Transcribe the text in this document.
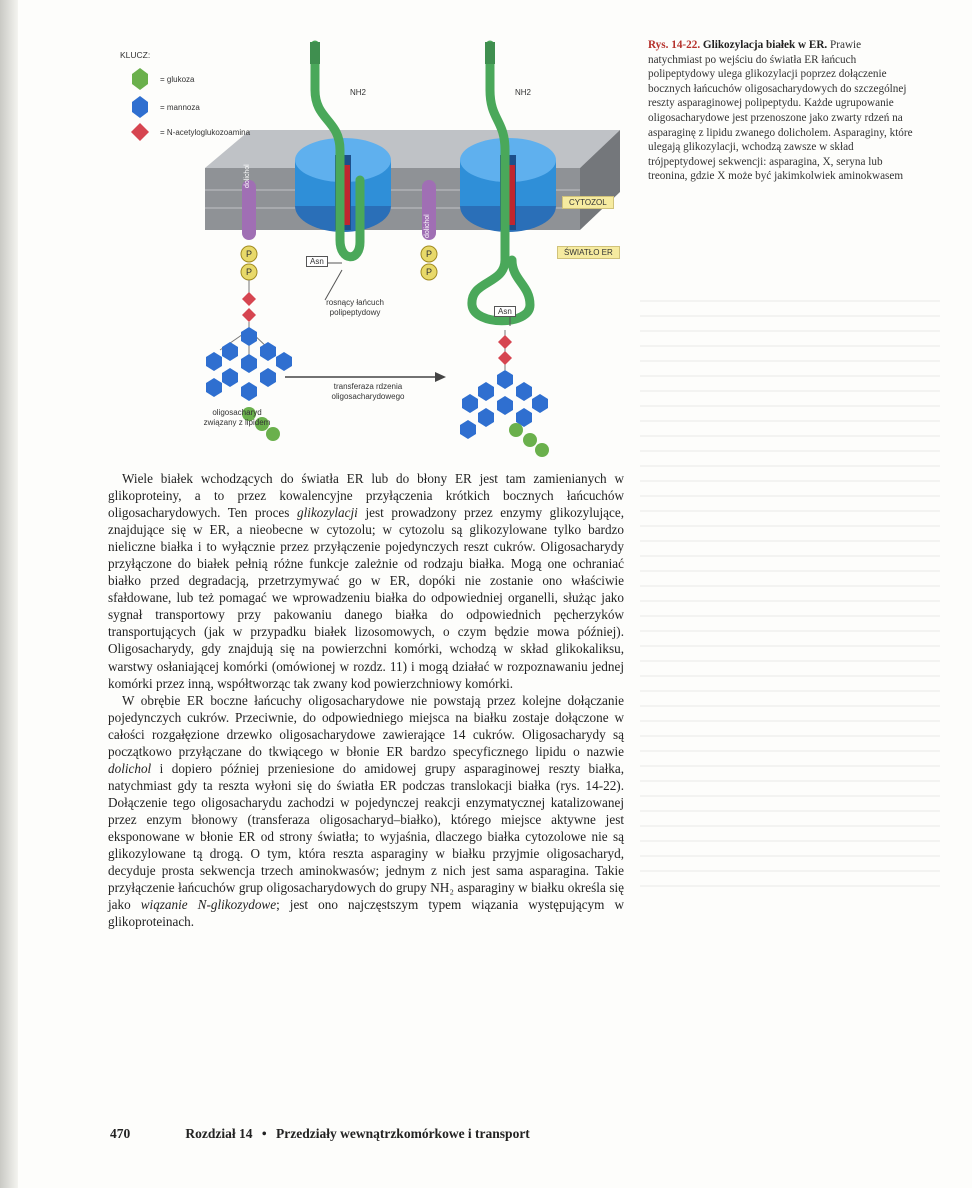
P
P
P
P
KLUCZ:
= glukoza
= mannoza
= N-acetyloglukozoamina
NH2	NH2
CYTOZOL
ŚWIATŁO ER
dolichol
dolichol
Asn
Asn
rosnący łańcuch polipeptydowy
transferaza rdzenia oligosacharydowego
oligosacharyd związany z lipidem
Rys. 14-22. Glikozylacja białek w ER. Prawie natychmiast po wejściu do światła ER łańcuch polipeptydowy ulega glikozylacji poprzez dołączenie bocznych łańcuchów oligosacharydowych do szczególnej reszty asparaginowej polipeptydu. Każde ugrupowanie oligosacharydowe jest przenoszone jako zwarty rdzeń na asparaginę z lipidu zwanego dolicholem. Asparaginy, które ulegają glikozylacji, wchodzą zawsze w skład trójpeptydowej sekwencji: asparagina, X, seryna lub treonina, gdzie X może być jakimkolwiek aminokwasem

Wiele białek wchodzących do światła ER lub do błony ER jest tam zamienianych w glikoproteiny, a to przez kowalencyjne przyłączenia krótkich bocznych łańcuchów oligosacharydowych. Ten proces glikozylacji jest prowadzony przez enzymy glikozylujące, znajdujące się w ER, a nieobecne w cytozolu; w cytozolu są glikozylowane tylko bardzo nieliczne białka i to wyłącznie przez przyłączenie pojedynczych reszt cukrów. Oligosacharydy przyłączone do białek pełnią różne funkcje zależnie od rodzaju białka. Mogą one ochraniać białko przed degradacją, przetrzymywać go w ER, dopóki nie zostanie ono właściwie sfałdowane, lub też pomagać we wprowadzeniu białka do odpowiedniej organelli, służąc jako sygnał transportowy przy pakowaniu danego białka do odpowiednich pęcherzyków transportujących (jak w przypadku białek lizosomowych, o czym będzie mowa później). Oligosacharydy, gdy znajdują się na powierzchni komórki, wchodzą w skład glikokaliksu, warstwy osłaniającej komórki (omówionej w rozdz. 11) i mogą działać w rozpoznawaniu jednej komórki przez inną, współtworząc tak zwany kod powierzchniowy komórki.

W obrębie ER boczne łańcuchy oligosacharydowe nie powstają przez kolejne dołączanie pojedynczych cukrów. Przeciwnie, do odpowiedniego miejsca na białku zostaje dołączone w całości rozgałęzione drzewko oligosacharydowe zawierające 14 cukrów. Oligosacharydy są początkowo przyłączane do tkwiącego w błonie ER bardzo specyficznego lipidu o nazwie dolichol i dopiero później przeniesione do amidowej grupy asparaginowej reszty białka, natychmiast gdy ta reszta wyłoni się do światła ER podczas translokacji białka (rys. 14-22). Dołączenie tego oligosacharydu zachodzi w pojedynczej reakcji enzymatycznej katalizowanej przez enzym błonowy (transferaza oligosacharyd–białko), którego miejsce aktywne jest eksponowane w błonie ER od strony światła; to wyjaśnia, dlaczego białka cytozolowe nie są glikozylowane tą drogą. O tym, która reszta asparaginy w białku przyjmie oligosacharyd, decyduje prosta sekwencja trzech aminokwasów; jednym z nich jest sama asparagina. Takie przyłączenie łańcuchów grup oligosacharydowych do grupy NH₂ asparaginy w białku określa się jako wiązanie N-glikozydowe; jest ono najczęstszym typem wiązania występującym w glikoproteinach.

470	Rozdział 14 • Przedziały wewnątrzkomórkowe i transport
